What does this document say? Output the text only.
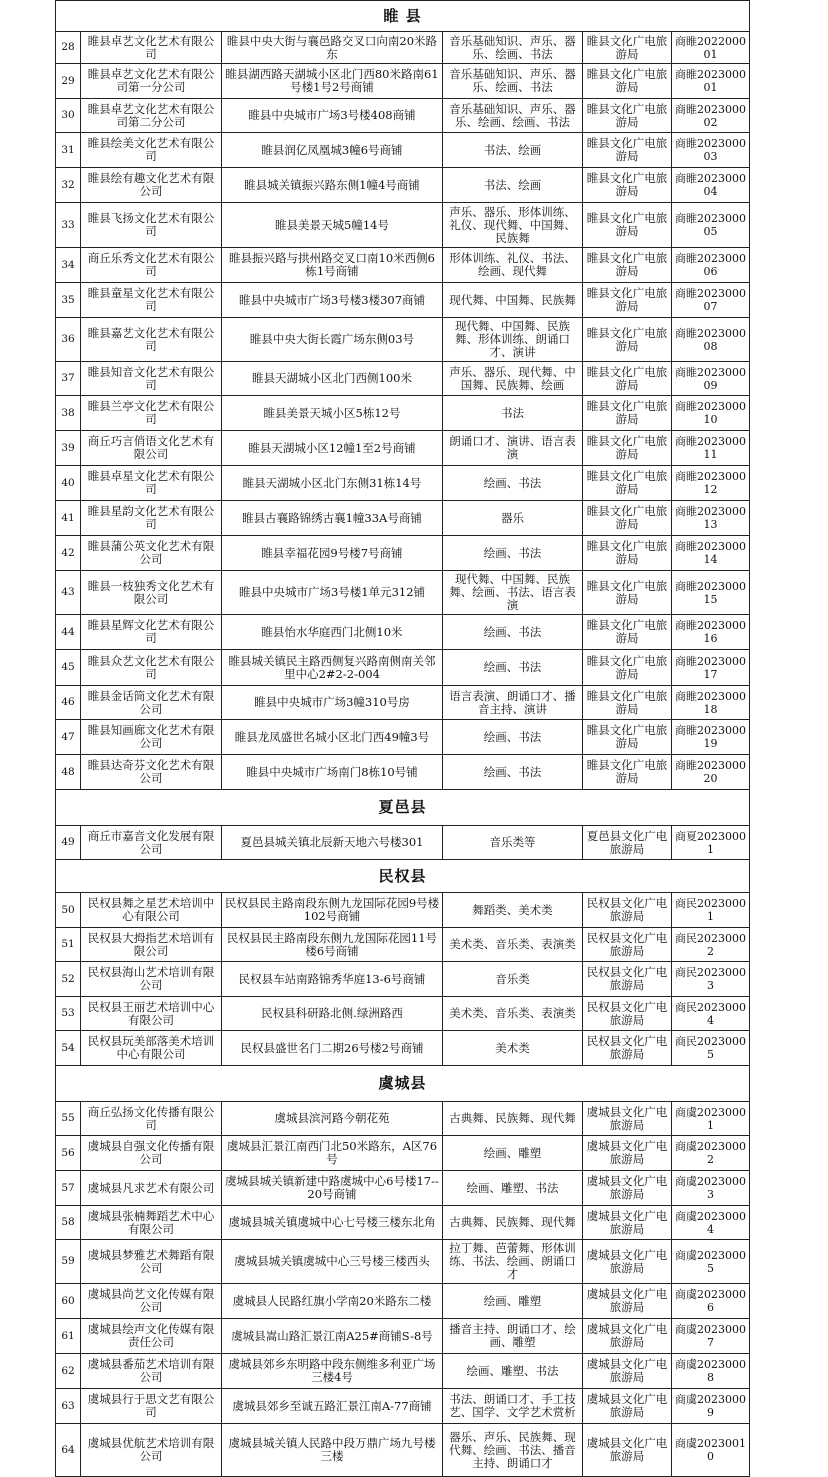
睢 县					
28	睢县卓艺文化艺术有限公司	睢县中央大街与襄邑路交叉口向南20米路东	音乐基础知识、声乐、器乐、绘画、书法	睢县文化广电旅游局	商睢202200001
29	睢县卓艺文化艺术有限公司第一分公司	睢县湖西路天湖城小区北门西80米路南61号楼1号2号商铺	音乐基础知识、声乐、器乐、绘画、书法	睢县文化广电旅游局	商睢202300001
30	睢县卓艺文化艺术有限公司第二分公司	睢县中央城市广场3号楼408商铺	音乐基础知识、声乐、器乐、绘画、绘画、书法	睢县文化广电旅游局	商睢202300002
31	睢县绘美文化艺术有限公司	睢县润亿凤凰城3幢6号商铺	书法、绘画	睢县文化广电旅游局	商睢202300003
32	睢县绘有趣文化艺术有限公司	睢县城关镇振兴路东侧1幢4号商铺	书法、绘画	睢县文化广电旅游局	商睢202300004
33	睢县飞扬文化艺术有限公司	睢县美景天城5幢14号	声乐、器乐、形体训练、礼仪、现代舞、中国舞、民族舞	睢县文化广电旅游局	商睢202300005
34	商丘乐秀文化艺术有限公司	睢县振兴路与拱州路交叉口南10米西侧6栋1号商铺	形体训练、礼仪、书法、绘画、现代舞	睢县文化广电旅游局	商睢202300006
35	睢县童星文化艺术有限公司	睢县中央城市广场3号楼3楼307商铺	现代舞、中国舞、民族舞	睢县文化广电旅游局	商睢202300007
36	睢县嘉艺文化艺术有限公司	睢县中央大街长霞广场东侧03号	现代舞、中国舞、民族舞、形体训练、朗诵口才、演讲	睢县文化广电旅游局	商睢202300008
37	睢县知音文化艺术有限公司	睢县天湖城小区北门西侧100米	声乐、器乐、现代舞、中国舞、民族舞、绘画	睢县文化广电旅游局	商睢202300009
38	睢县兰亭文化艺术有限公司	睢县美景天城小区5栋12号	书法	睢县文化广电旅游局	商睢202300010
39	商丘巧言俏语文化艺术有限公司	睢县天湖城小区12幢1至2号商铺	朗诵口才、演讲、语言表演	睢县文化广电旅游局	商睢202300011
40	睢县卓星文化艺术有限公司	睢县天湖城小区北门东侧31栋14号	绘画、书法	睢县文化广电旅游局	商睢202300012
41	睢县星韵文化艺术有限公司	睢县古襄路锦绣古襄1幢33A号商铺	器乐	睢县文化广电旅游局	商睢202300013
42	睢县蒲公英文化艺术有限公司	睢县幸福花园9号楼7号商铺	绘画、书法	睢县文化广电旅游局	商睢202300014
43	睢县一枝独秀文化艺术有限公司	睢县中央城市广场3号楼1单元312铺	现代舞、中国舞、民族舞、绘画、书法、语言表演	睢县文化广电旅游局	商睢202300015
44	睢县星辉文化艺术有限公司	睢县怡水华庭西门北侧10米	绘画、书法	睢县文化广电旅游局	商睢202300016
45	睢县众艺文化艺术有限公司	睢县城关镇民主路西侧复兴路南侧南关邻里中心2#2-2-004	绘画、书法	睢县文化广电旅游局	商睢202300017
46	睢县金话筒文化艺术有限公司	睢县中央城市广场3幢310号房	语言表演、朗诵口才、播音主持、演讲	睢县文化广电旅游局	商睢202300018
47	睢县知画廊文化艺术有限公司	睢县龙凤盛世名城小区北门西49幢3号	绘画、书法	睢县文化广电旅游局	商睢202300019
48	睢县达奇芬文化艺术有限公司	睢县中央城市广场南门8栋10号铺	绘画、书法	睢县文化广电旅游局	商睢202300020
夏邑县					
49	商丘市嘉音文化发展有限公司	夏邑县城关镇北辰新天地六号楼301	音乐类等	夏邑县文化广电旅游局	商夏20230001
民权县					
50	民权县舞之星艺术培训中心有限公司	民权县民主路南段东侧九龙国际花园9号楼102号商铺	舞蹈类、美术类	民权县文化广电旅游局	商民20230001
51	民权县大拇指艺术培训有限公司	民权县民主路南段东侧九龙国际花园11号楼6号商铺	美术类、音乐类、表演类	民权县文化广电旅游局	商民20230002
52	民权县海山艺术培训有限公司	民权县车站南路锦秀华庭13-6号商铺	音乐类	民权县文化广电旅游局	商民20230003
53	民权县王丽艺术培训中心有限公司	民权县科研路北侧.绿洲路西	美术类、音乐类、表演类	民权县文化广电旅游局	商民20230004
54	民权县玩美部落美术培训中心有限公司	民权县盛世名门二期26号楼2号商铺	美术类	民权县文化广电旅游局	商民20230005
虞城县					
55	商丘弘扬文化传播有限公司	虞城县滨河路今朝花苑	古典舞、民族舞、现代舞	虞城县文化广电旅游局	商虞20230001
56	虞城县自强文化传播有限公司	虞城县汇景江南西门北50米路东，A区76号	绘画、雕塑	虞城县文化广电旅游局	商虞20230002
57	虞城县凡求艺术有限公司	虞城县城关镇新建中路虞城中心6号楼17--20号商铺	绘画、雕塑、书法	虞城县文化广电旅游局	商虞20230003
58	虞城县张楠舞蹈艺术中心有限公司	虞城县城关镇虞城中心七号楼三楼东北角	古典舞、民族舞、现代舞	虞城县文化广电旅游局	商虞20230004
59	虞城县梦雅艺术舞蹈有限公司	虞城县城关镇虞城中心三号楼三楼西头	拉丁舞、芭蕾舞、形体训练、书法、绘画、朗诵口才	虞城县文化广电旅游局	商虞20230005
60	虞城县尚艺文化传媒有限公司	虞城县人民路红旗小学南20米路东二楼	绘画、雕塑	虞城县文化广电旅游局	商虞20230006
61	虞城县绘声文化传媒有限责任公司	虞城县嵩山路汇景江南A25#商铺S-8号	播音主持、朗诵口才、绘画、雕塑	虞城县文化广电旅游局	商虞20230007
62	虞城县番茄艺术培训有限公司	虞城县郊乡东明路中段东侧维多利亚广场三楼4号	绘画、雕塑、书法	虞城县文化广电旅游局	商虞20230008
63	虞城县行于思文艺有限公司	虞城县郊乡至诚五路汇景江南A-77商铺	书法、朗诵口才、手工技艺、国学、文学艺术赏析	虞城县文化广电旅游局	商虞20230009
64	虞城县优航艺术培训有限公司	虞城县城关镇人民路中段万鼎广场九号楼三楼	器乐、声乐、民族舞、现代舞、绘画、书法、播音主持、朗诵口才	虞城县文化广电旅游局	商虞20230010
